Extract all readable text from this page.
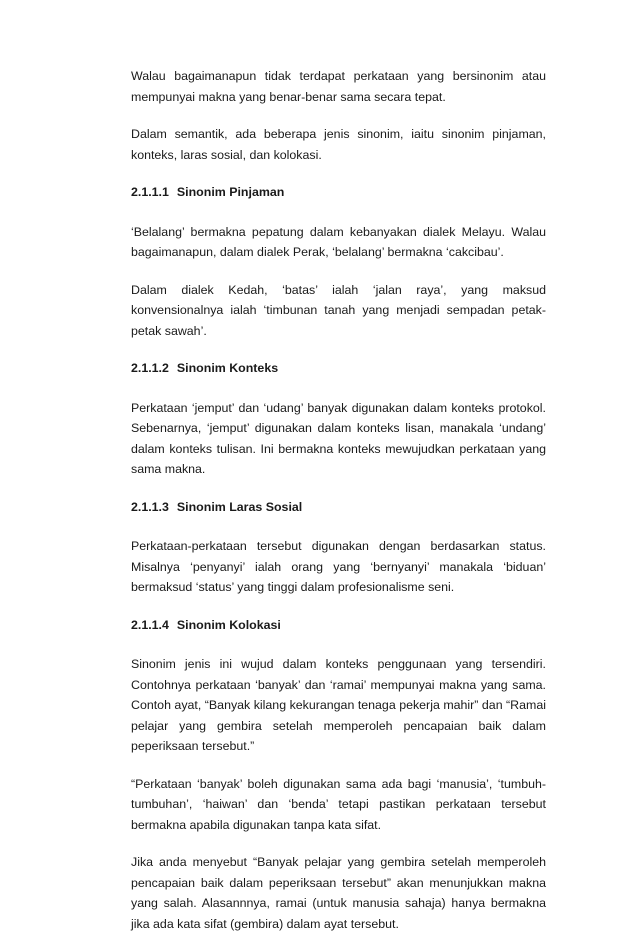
Walau bagaimanapun tidak terdapat perkataan yang bersinonim atau mempunyai makna yang benar-benar sama secara tepat.

Dalam semantik, ada beberapa jenis sinonim, iaitu sinonim pinjaman, konteks, laras sosial, dan kolokasi.

2.1.1.1 Sinonim Pinjaman

‘Belalang’ bermakna pepatung dalam kebanyakan dialek Melayu. Walau bagaimanapun, dalam dialek Perak, ‘belalang’ bermakna ‘cakcibau’.

Dalam dialek Kedah, ‘batas’ ialah ‘jalan raya’, yang maksud konvensionalnya ialah ‘timbunan tanah yang menjadi sempadan petak-petak sawah’.

2.1.1.2 Sinonim Konteks

Perkataan ‘jemput’ dan ‘udang’ banyak digunakan dalam konteks protokol. Sebenarnya, ‘jemput’ digunakan dalam konteks lisan, manakala ‘undang’ dalam konteks tulisan. Ini bermakna konteks mewujudkan perkataan yang sama makna.

2.1.1.3 Sinonim Laras Sosial

Perkataan-perkataan tersebut digunakan dengan berdasarkan status. Misalnya ‘penyanyi’ ialah orang yang ‘bernyanyi’ manakala ‘biduan’ bermaksud ‘status’ yang tinggi dalam profesionalisme seni.

2.1.1.4 Sinonim Kolokasi

Sinonim jenis ini wujud dalam konteks penggunaan yang tersendiri. Contohnya perkataan ‘banyak’ dan ‘ramai’ mempunyai makna yang sama. Contoh ayat, “Banyak kilang kekurangan tenaga pekerja mahir” dan “Ramai pelajar yang gembira setelah memperoleh pencapaian baik dalam peperiksaan tersebut.”

“Perkataan ‘banyak’ boleh digunakan sama ada bagi ‘manusia’, ‘tumbuh-tumbuhan’, ‘haiwan’ dan ‘benda’ tetapi pastikan perkataan tersebut bermakna apabila digunakan tanpa kata sifat.

Jika anda menyebut “Banyak pelajar yang gembira setelah memperoleh pencapaian baik dalam peperiksaan tersebut” akan menunjukkan makna yang salah. Alasannnya, ramai (untuk manusia sahaja) hanya bermakna jika ada kata sifat (gembira) dalam ayat tersebut.
